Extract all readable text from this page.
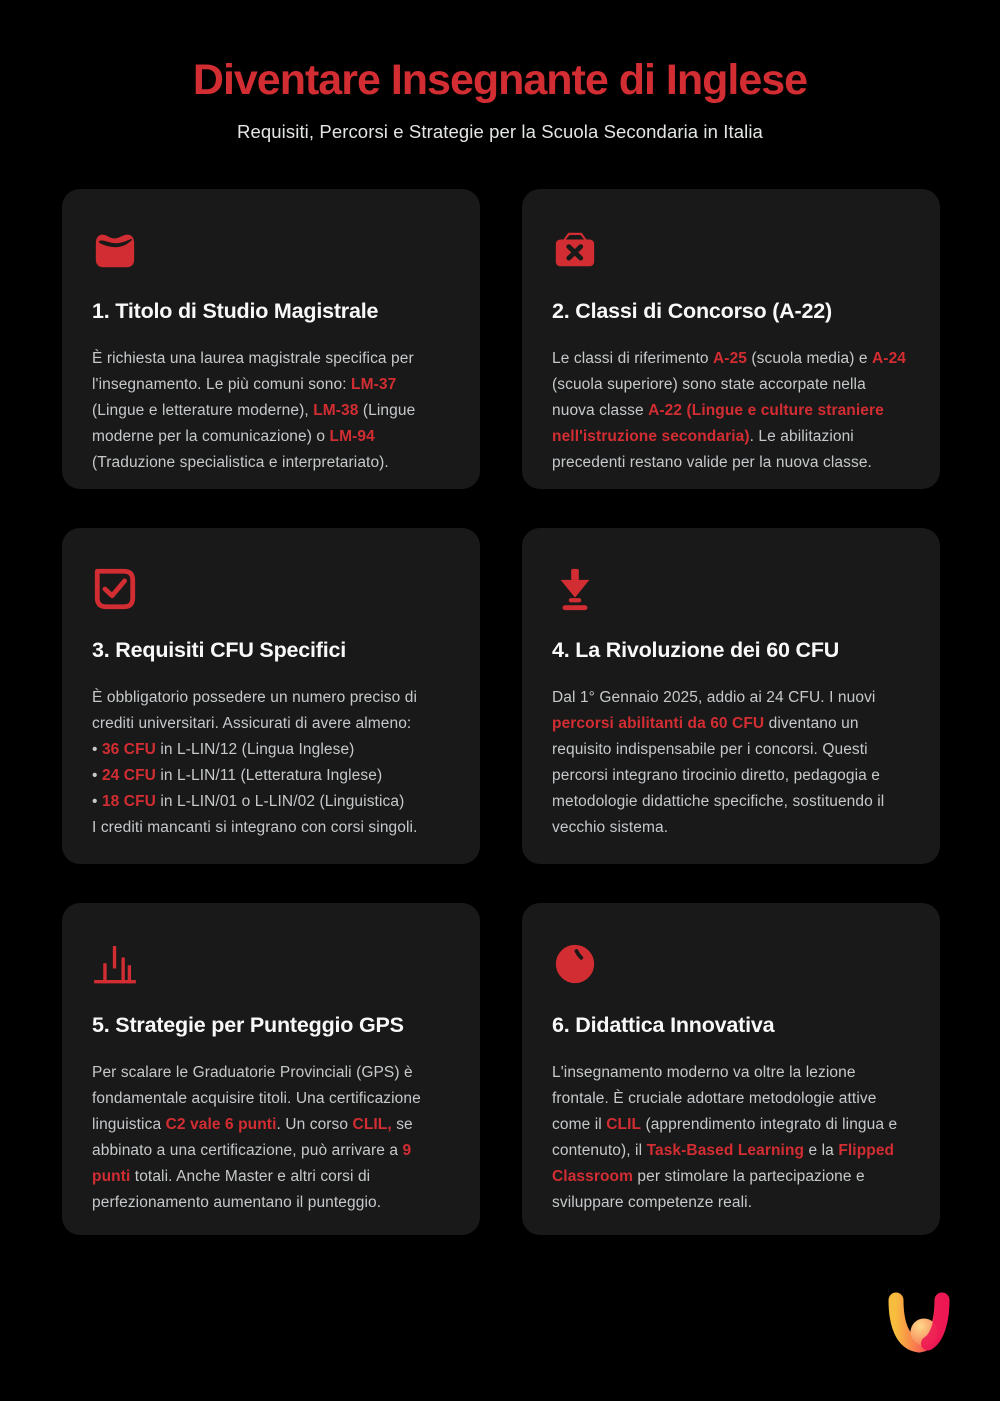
Diventare Insegnante di Inglese

Requisiti, Percorsi e Strategie per la Scuola Secondaria in Italia

1. Titolo di Studio Magistrale

È richiesta una laurea magistrale specifica per l'insegnamento. Le più comuni sono: LM-37 (Lingue e letterature moderne), LM-38 (Lingue moderne per la comunicazione) o LM-94 (Traduzione specialistica e interpretariato).

2. Classi di Concorso (A-22)

Le classi di riferimento A-25 (scuola media) e A-24 (scuola superiore) sono state accorpate nella nuova classe A-22 (Lingue e culture straniere nell'istruzione secondaria). Le abilitazioni precedenti restano valide per la nuova classe.

3. Requisiti CFU Specifici

È obbligatorio possedere un numero preciso di crediti universitari. Assicurati di avere almeno:
• 36 CFU in L-LIN/12 (Lingua Inglese)
• 24 CFU in L-LIN/11 (Letteratura Inglese)
• 18 CFU in L-LIN/01 o L-LIN/02 (Linguistica)
I crediti mancanti si integrano con corsi singoli.

4. La Rivoluzione dei 60 CFU

Dal 1° Gennaio 2025, addio ai 24 CFU. I nuovi percorsi abilitanti da 60 CFU diventano un requisito indispensabile per i concorsi. Questi percorsi integrano tirocinio diretto, pedagogia e metodologie didattiche specifiche, sostituendo il vecchio sistema.

5. Strategie per Punteggio GPS

Per scalare le Graduatorie Provinciali (GPS) è fondamentale acquisire titoli. Una certificazione linguistica C2 vale 6 punti. Un corso CLIL, se abbinato a una certificazione, può arrivare a 9 punti totali. Anche Master e altri corsi di perfezionamento aumentano il punteggio.

6. Didattica Innovativa

L'insegnamento moderno va oltre la lezione frontale. È cruciale adottare metodologie attive come il CLIL (apprendimento integrato di lingua e contenuto), il Task-Based Learning e la Flipped Classroom per stimolare la partecipazione e sviluppare competenze reali.
